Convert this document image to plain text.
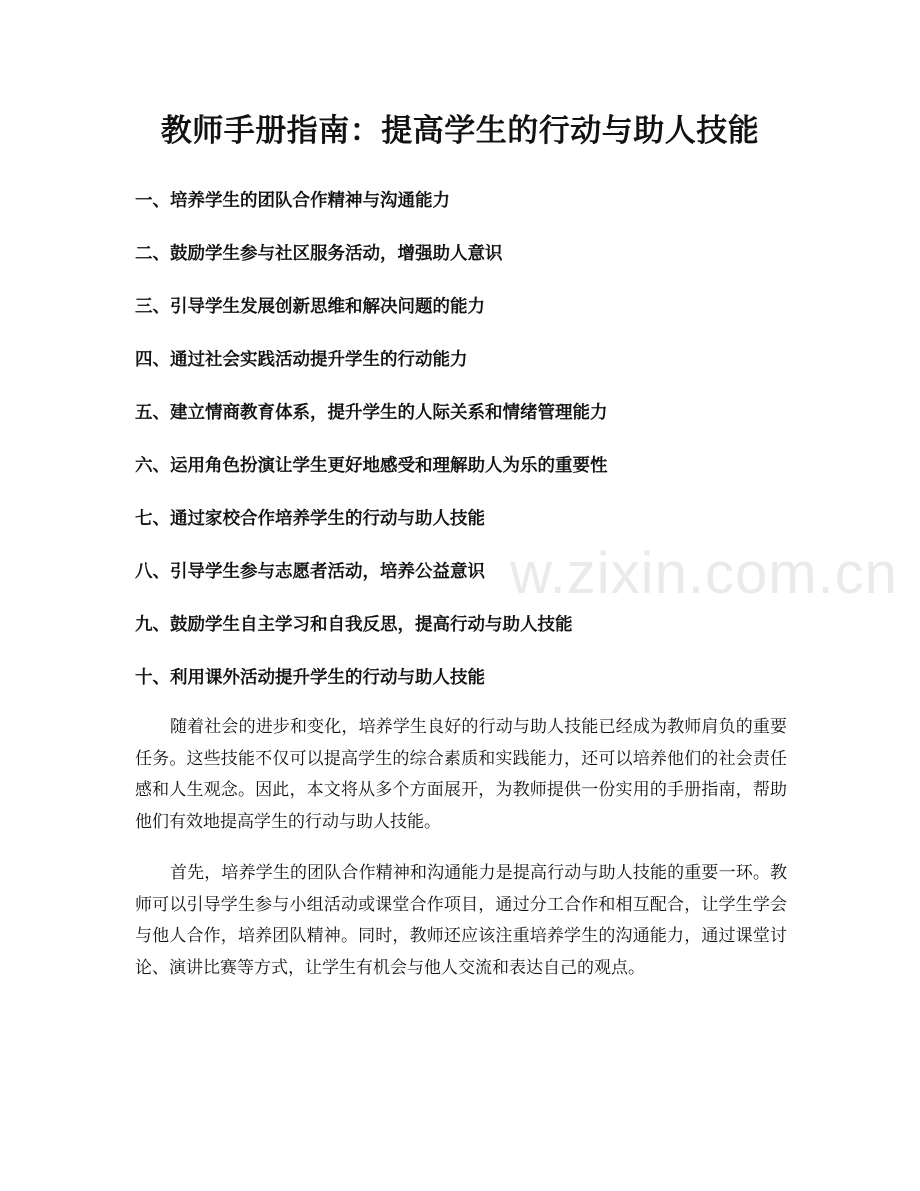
教师手册指南：提高学生的行动与助人技能
一、培养学生的团队合作精神与沟通能力
二、鼓励学生参与社区服务活动，增强助人意识
三、引导学生发展创新思维和解决问题的能力
四、通过社会实践活动提升学生的行动能力
五、建立情商教育体系，提升学生的人际关系和情绪管理能力
六、运用角色扮演让学生更好地感受和理解助人为乐的重要性
七、通过家校合作培养学生的行动与助人技能
八、引导学生参与志愿者活动，培养公益意识
九、鼓励学生自主学习和自我反思，提高行动与助人技能
十、利用课外活动提升学生的行动与助人技能

随着社会的进步和变化，培养学生良好的行动与助人技能已经成为教师肩负的重要任务。这些技能不仅可以提高学生的综合素质和实践能力，还可以培养他们的社会责任感和人生观念。因此，本文将从多个方面展开，为教师提供一份实用的手册指南，帮助他们有效地提高学生的行动与助人技能。

首先，培养学生的团队合作精神和沟通能力是提高行动与助人技能的重要一环。教师可以引导学生参与小组活动或课堂合作项目，通过分工合作和相互配合，让学生学会与他人合作，培养团队精神。同时，教师还应该注重培养学生的沟通能力，通过课堂讨论、演讲比赛等方式，让学生有机会与他人交流和表达自己的观点。

w.zixin.com.cn
